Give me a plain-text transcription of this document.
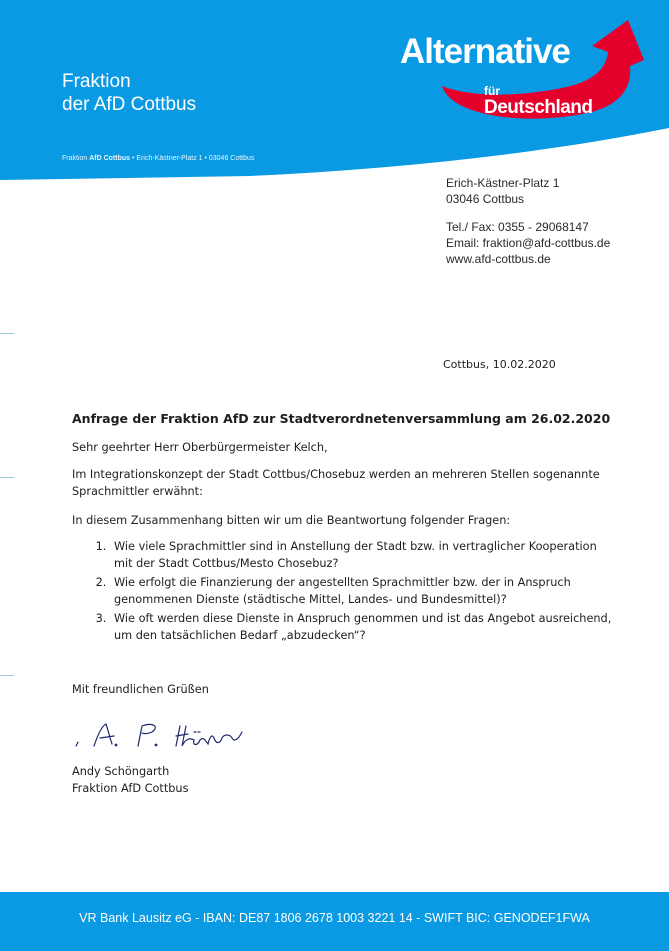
Fraktion
der AfD Cottbus
Alternative
für
Deutschland
Fraktion AfD Cottbus • Erich-Kästner-Platz 1 • 03046 Cottbus
Erich-Kästner-Platz 1
03046 Cottbus
Tel./ Fax: 0355 - 29068147
Email: fraktion@afd-cottbus.de
www.afd-cottbus.de
Cottbus, 10.02.2020
Anfrage der Fraktion AfD zur Stadtverordnetenversammlung am 26.02.2020
Sehr geehrter Herr Oberbürgermeister Kelch,
Im Integrationskonzept der Stadt Cottbus/Chosebuz werden an mehreren Stellen sogenannte Sprachmittler erwähnt:
In diesem Zusammenhang bitten wir um die Beantwortung folgender Fragen:
1. Wie viele Sprachmittler sind in Anstellung der Stadt bzw. in vertraglicher Kooperation mit der Stadt Cottbus/Mesto Chosebuz?
2. Wie erfolgt die Finanzierung der angestellten Sprachmittler bzw. der in Anspruch genommenen Dienste (städtische Mittel, Landes- und Bundesmittel)?
3. Wie oft werden diese Dienste in Anspruch genommen und ist das Angebot ausreichend, um den tatsächlichen Bedarf „abzudecken“?
Mit freundlichen Grüßen
Andy Schöngarth
Fraktion AfD Cottbus
VR Bank Lausitz eG - IBAN: DE87 1806 2678 1003 3221 14 - SWIFT BIC: GENODEF1FWA
